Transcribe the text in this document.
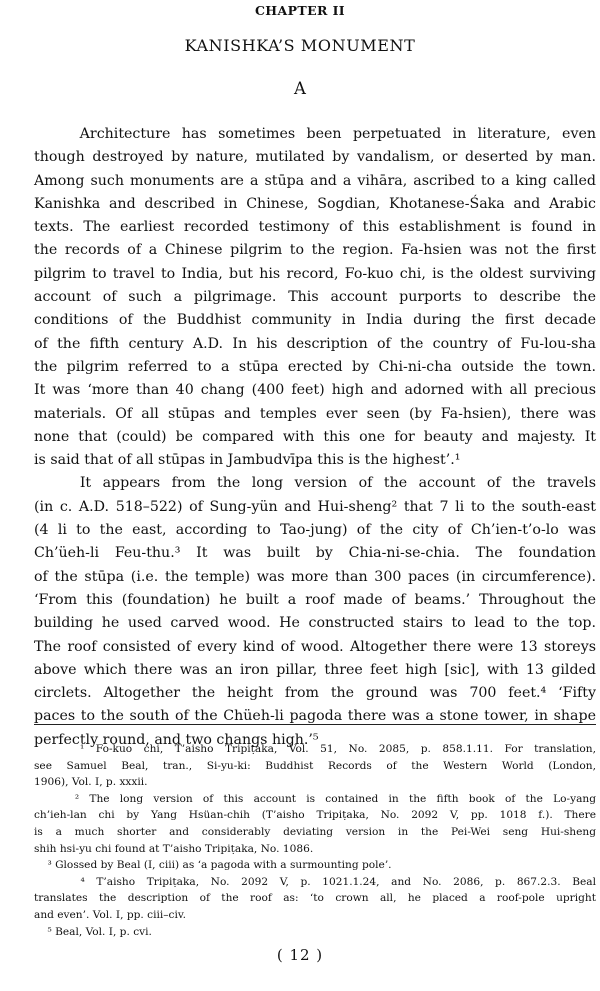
CHAPTER II
KANISHKA’S MONUMENT
A
Architecture has sometimes been perpetuated in literature, even
though destroyed by nature, mutilated by vandalism, or deserted by man.
Among such monuments are a stūpa and a vihāra, ascribed to a king called
Kanishka and described in Chinese, Sogdian, Khotanese-Śaka and Arabic
texts. The earliest recorded testimony of this establishment is found in
the records of a Chinese pilgrim to the region. Fa-hsien was not the first
pilgrim to travel to India, but his record, Fo-kuo chi, is the oldest surviving
account of such a pilgrimage. This account purports to describe the
conditions of the Buddhist community in India during the first decade
of the fifth century A.D. In his description of the country of Fu-lou-sha
the pilgrim referred to a stūpa erected by Chi-ni-cha outside the town.
It was ‘more than 40 chang (400 feet) high and adorned with all precious
materials. Of all stūpas and temples ever seen (by Fa-hsien), there was
none that (could) be compared with this one for beauty and majesty. It
is said that of all stūpas in Jambudvīpa this is the highest’.¹
It appears from the long version of the account of the travels
(in c. A.D. 518–522) of Sung-yün and Hui-sheng² that 7 li to the south-east
(4 li to the east, according to Tao-jung) of the city of Ch’ien-t’o-lo was
Ch’üeh-li Feu-thu.³ It was built by Chia-ni-se-chia. The foundation
of the stūpa (i.e. the temple) was more than 300 paces (in circumference).
‘From this (foundation) he built a roof made of beams.’ Throughout the
building he used carved wood. He constructed stairs to lead to the top.
The roof consisted of every kind of wood. Altogether there were 13 storeys
above which there was an iron pillar, three feet high [sic], with 13 gilded
circlets. Altogether the height from the ground was 700 feet.⁴ ‘Fifty
paces to the south of the Chüeh-li pagoda there was a stone tower, in shape
perfectly round, and two changs high.’⁵
¹ Fo-kuo chi, T’aisho Tripiṭaka, Vol. 51, No. 2085, p. 858.1.11. For translation,
see Samuel Beal, tran., Si-yu-ki: Buddhist Records of the Western World (London,
1906), Vol. I, p. xxxii.
² The long version of this account is contained in the fifth book of the Lo-yang
ch’ieh-lan chi by Yang Hsüan-chih (T’aisho Tripiṭaka, No. 2092 V, pp. 1018 f.). There
is a much shorter and considerably deviating version in the Pei-Wei seng Hui-sheng
shih hsi-yu chi found at T’aisho Tripiṭaka, No. 1086.
³ Glossed by Beal (I, ciii) as ‘a pagoda with a surmounting pole’.
⁴ T’aisho Tripiṭaka, No. 2092 V, p. 1021.1.24, and No. 2086, p. 867.2.3. Beal
translates the description of the roof as: ‘to crown all, he placed a roof-pole upright
and even’. Vol. I, pp. ciii–civ.
⁵ Beal, Vol. I, p. cvi.
( 12 )
